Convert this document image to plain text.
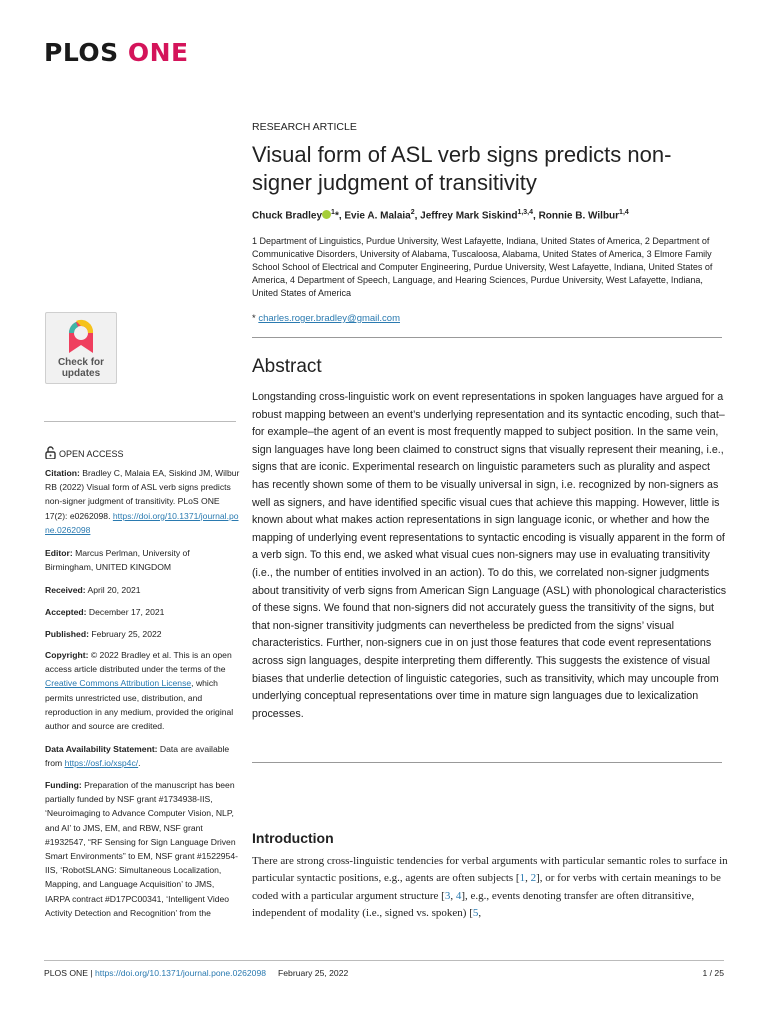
PLOS ONE
RESEARCH ARTICLE
Visual form of ASL verb signs predicts non-signer judgment of transitivity
Chuck Bradley $^1$*, Evie A. Malaia$^2$, Jeffrey Mark Siskind$^{1,3,4}$, Ronnie B. Wilbur$^{1,4}$
1 Department of Linguistics, Purdue University, West Lafayette, Indiana, United States of America, 2 Department of Communicative Disorders, University of Alabama, Tuscaloosa, Alabama, United States of America, 3 Elmore Family School School of Electrical and Computer Engineering, Purdue University, West Lafayette, Indiana, United States of America, 4 Department of Speech, Language, and Hearing Sciences, Purdue University, West Lafayette, Indiana, United States of America
* charles.roger.bradley@gmail.com
Check for
updates
OPEN ACCESS
Citation: Bradley C, Malaia EA, Siskind JM, Wilbur RB (2022) Visual form of ASL verb signs predicts non-signer judgment of transitivity. PLoS ONE 17(2): e0262098. https://doi.org/10.1371/journal.pone.0262098
Editor: Marcus Perlman, University of Birmingham, UNITED KINGDOM
Received: April 20, 2021
Accepted: December 17, 2021
Published: February 25, 2022
Copyright: © 2022 Bradley et al. This is an open access article distributed under the terms of the Creative Commons Attribution License, which permits unrestricted use, distribution, and reproduction in any medium, provided the original author and source are credited.
Data Availability Statement: Data are available from https://osf.io/xsp4c/.
Funding: Preparation of the manuscript has been partially funded by NSF grant #1734938-IIS, ‘Neuroimaging to Advance Computer Vision, NLP, and AI’ to JMS, EM, and RBW, NSF grant #1932547, “RF Sensing for Sign Language Driven Smart Environments” to EM, NSF grant #1522954-IIS, ‘RobotSLANG: Simultaneous Localization, Mapping, and Language Acquisition’ to JMS, IARPA contract #D17PC00341, ‘Intelligent Video Activity Detection and Recognition’ from the
Abstract
Longstanding cross-linguistic work on event representations in spoken languages have argued for a robust mapping between an event’s underlying representation and its syntactic encoding, such that–for example–the agent of an event is most frequently mapped to subject position. In the same vein, sign languages have long been claimed to construct signs that visually represent their meaning, i.e., signs that are iconic. Experimental research on linguistic parameters such as plurality and aspect has recently shown some of them to be visually universal in sign, i.e. recognized by non-signers as well as signers, and have identified specific visual cues that achieve this mapping. However, little is known about what makes action representations in sign language iconic, or whether and how the mapping of underlying event representations to syntactic encoding is visually apparent in the form of a verb sign. To this end, we asked what visual cues non-signers may use in evaluating transitivity (i.e., the number of entities involved in an action). To do this, we correlated non-signer judgments about transitivity of verb signs from American Sign Language (ASL) with phonological characteristics of these signs. We found that non-signers did not accurately guess the transitivity of the signs, but that non-signer transitivity judgments can nevertheless be predicted from the signs’ visual characteristics. Further, non-signers cue in on just those features that code event representations across sign languages, despite interpreting them differently. This suggests the existence of visual biases that underlie detection of linguistic categories, such as transitivity, which may uncouple from underlying conceptual representations over time in mature sign languages due to lexicalization processes.
Introduction
There are strong cross-linguistic tendencies for verbal arguments with particular semantic roles to surface in particular syntactic positions, e.g., agents are often subjects [1, 2], or for verbs with certain meanings to be coded with a particular argument structure [3, 4], e.g., events denoting transfer are often ditransitive, independent of modality (i.e., signed vs. spoken) [5,
PLOS ONE | https://doi.org/10.1371/journal.pone.0262098 February 25, 2022	1 / 25
